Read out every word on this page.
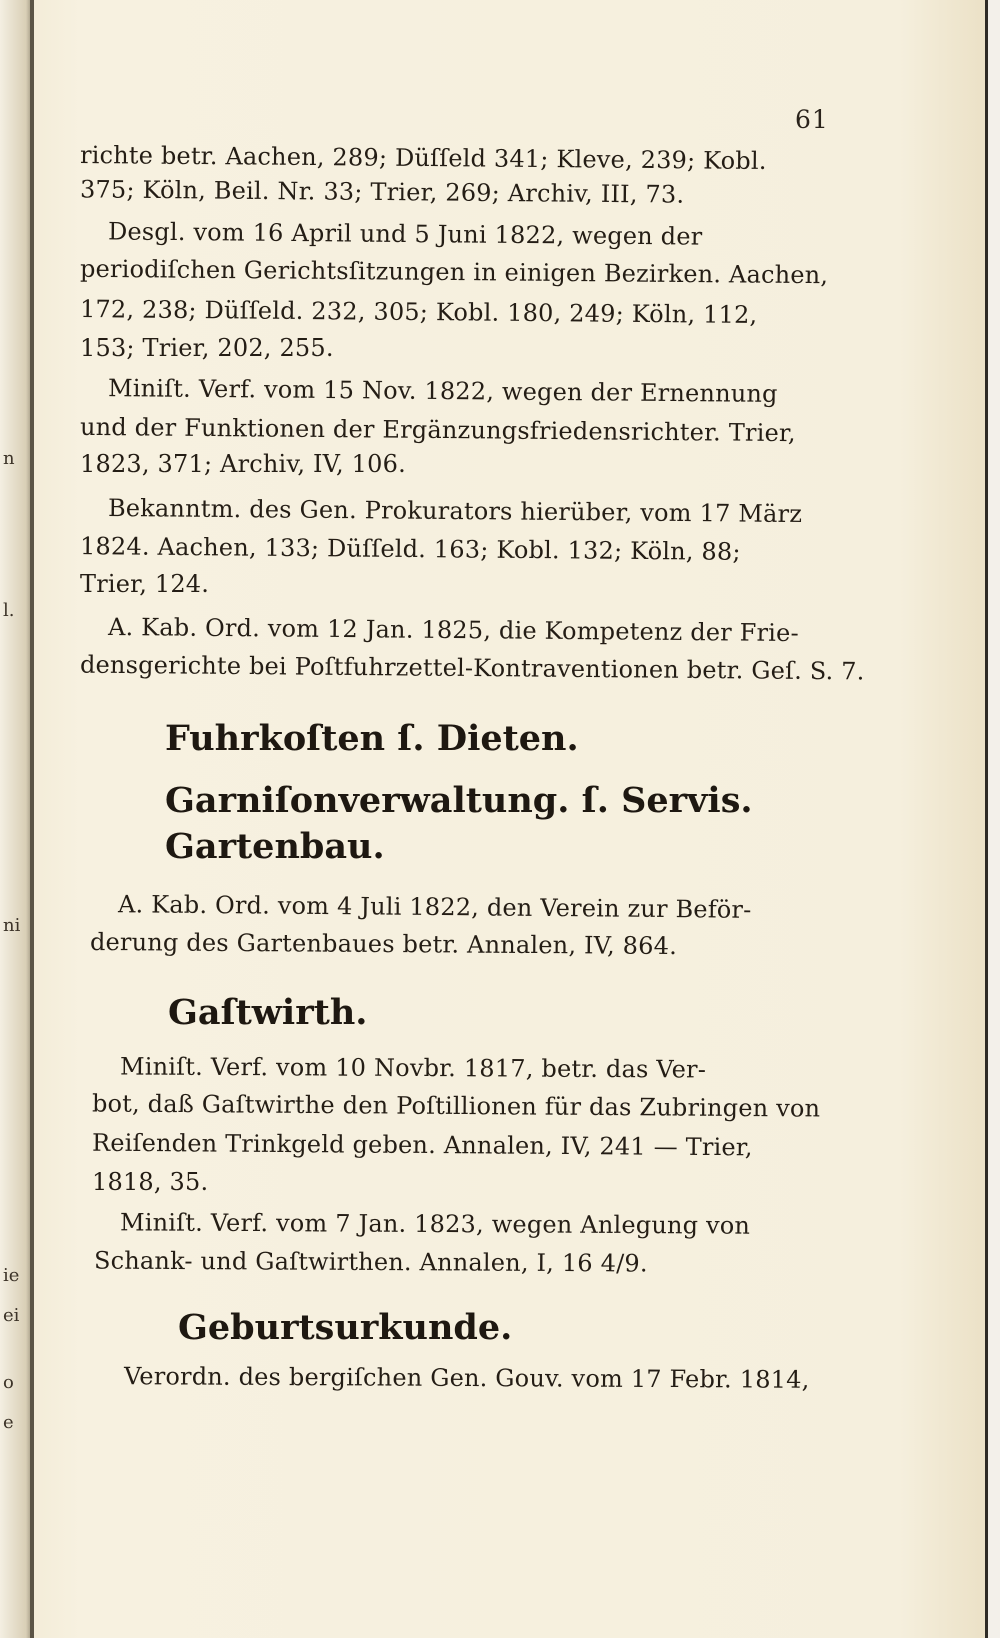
n
l.
ni
ie
ei
o
e
61
richte betr. Aachen, 289; Düſſeld 341; Kleve, 239; Kobl.
375; Köln, Beil. Nr. 33; Trier, 269; Archiv, III, 73.
Desgl. vom 16 April und 5 Juni 1822, wegen der
periodiſchen Gerichtsſitzungen in einigen Bezirken. Aachen,
172, 238; Düſſeld. 232, 305; Kobl. 180, 249; Köln, 112,
153; Trier, 202, 255.
Miniſt. Verf. vom 15 Nov. 1822, wegen der Ernennung
und der Funktionen der Ergänzungsfriedensrichter. Trier,
1823, 371; Archiv, IV, 106.
Bekanntm. des Gen. Prokurators hierüber, vom 17 März
1824. Aachen, 133; Düſſeld. 163; Kobl. 132; Köln, 88;
Trier, 124.
A. Kab. Ord. vom 12 Jan. 1825, die Kompetenz der Frie-
densgerichte bei Poſtfuhrzettel-Kontraventionen betr. Geſ. S. 7.
Fuhrkoſten ſ. Dieten.
Garniſonverwaltung. ſ. Servis.
Gartenbau.
A. Kab. Ord. vom 4 Juli 1822, den Verein zur Beför-
derung des Gartenbaues betr. Annalen, IV, 864.
Gaſtwirth.
Miniſt. Verf. vom 10 Novbr. 1817, betr. das Ver-
bot, daß Gaſtwirthe den Poſtillionen für das Zubringen von
Reiſenden Trinkgeld geben. Annalen, IV, 241 — Trier,
1818, 35.
Miniſt. Verf. vom 7 Jan. 1823, wegen Anlegung von
Schank- und Gaſtwirthen. Annalen, I, 16 4/9.
Geburtsurkunde.
Verordn. des bergiſchen Gen. Gouv. vom 17 Febr. 1814,
